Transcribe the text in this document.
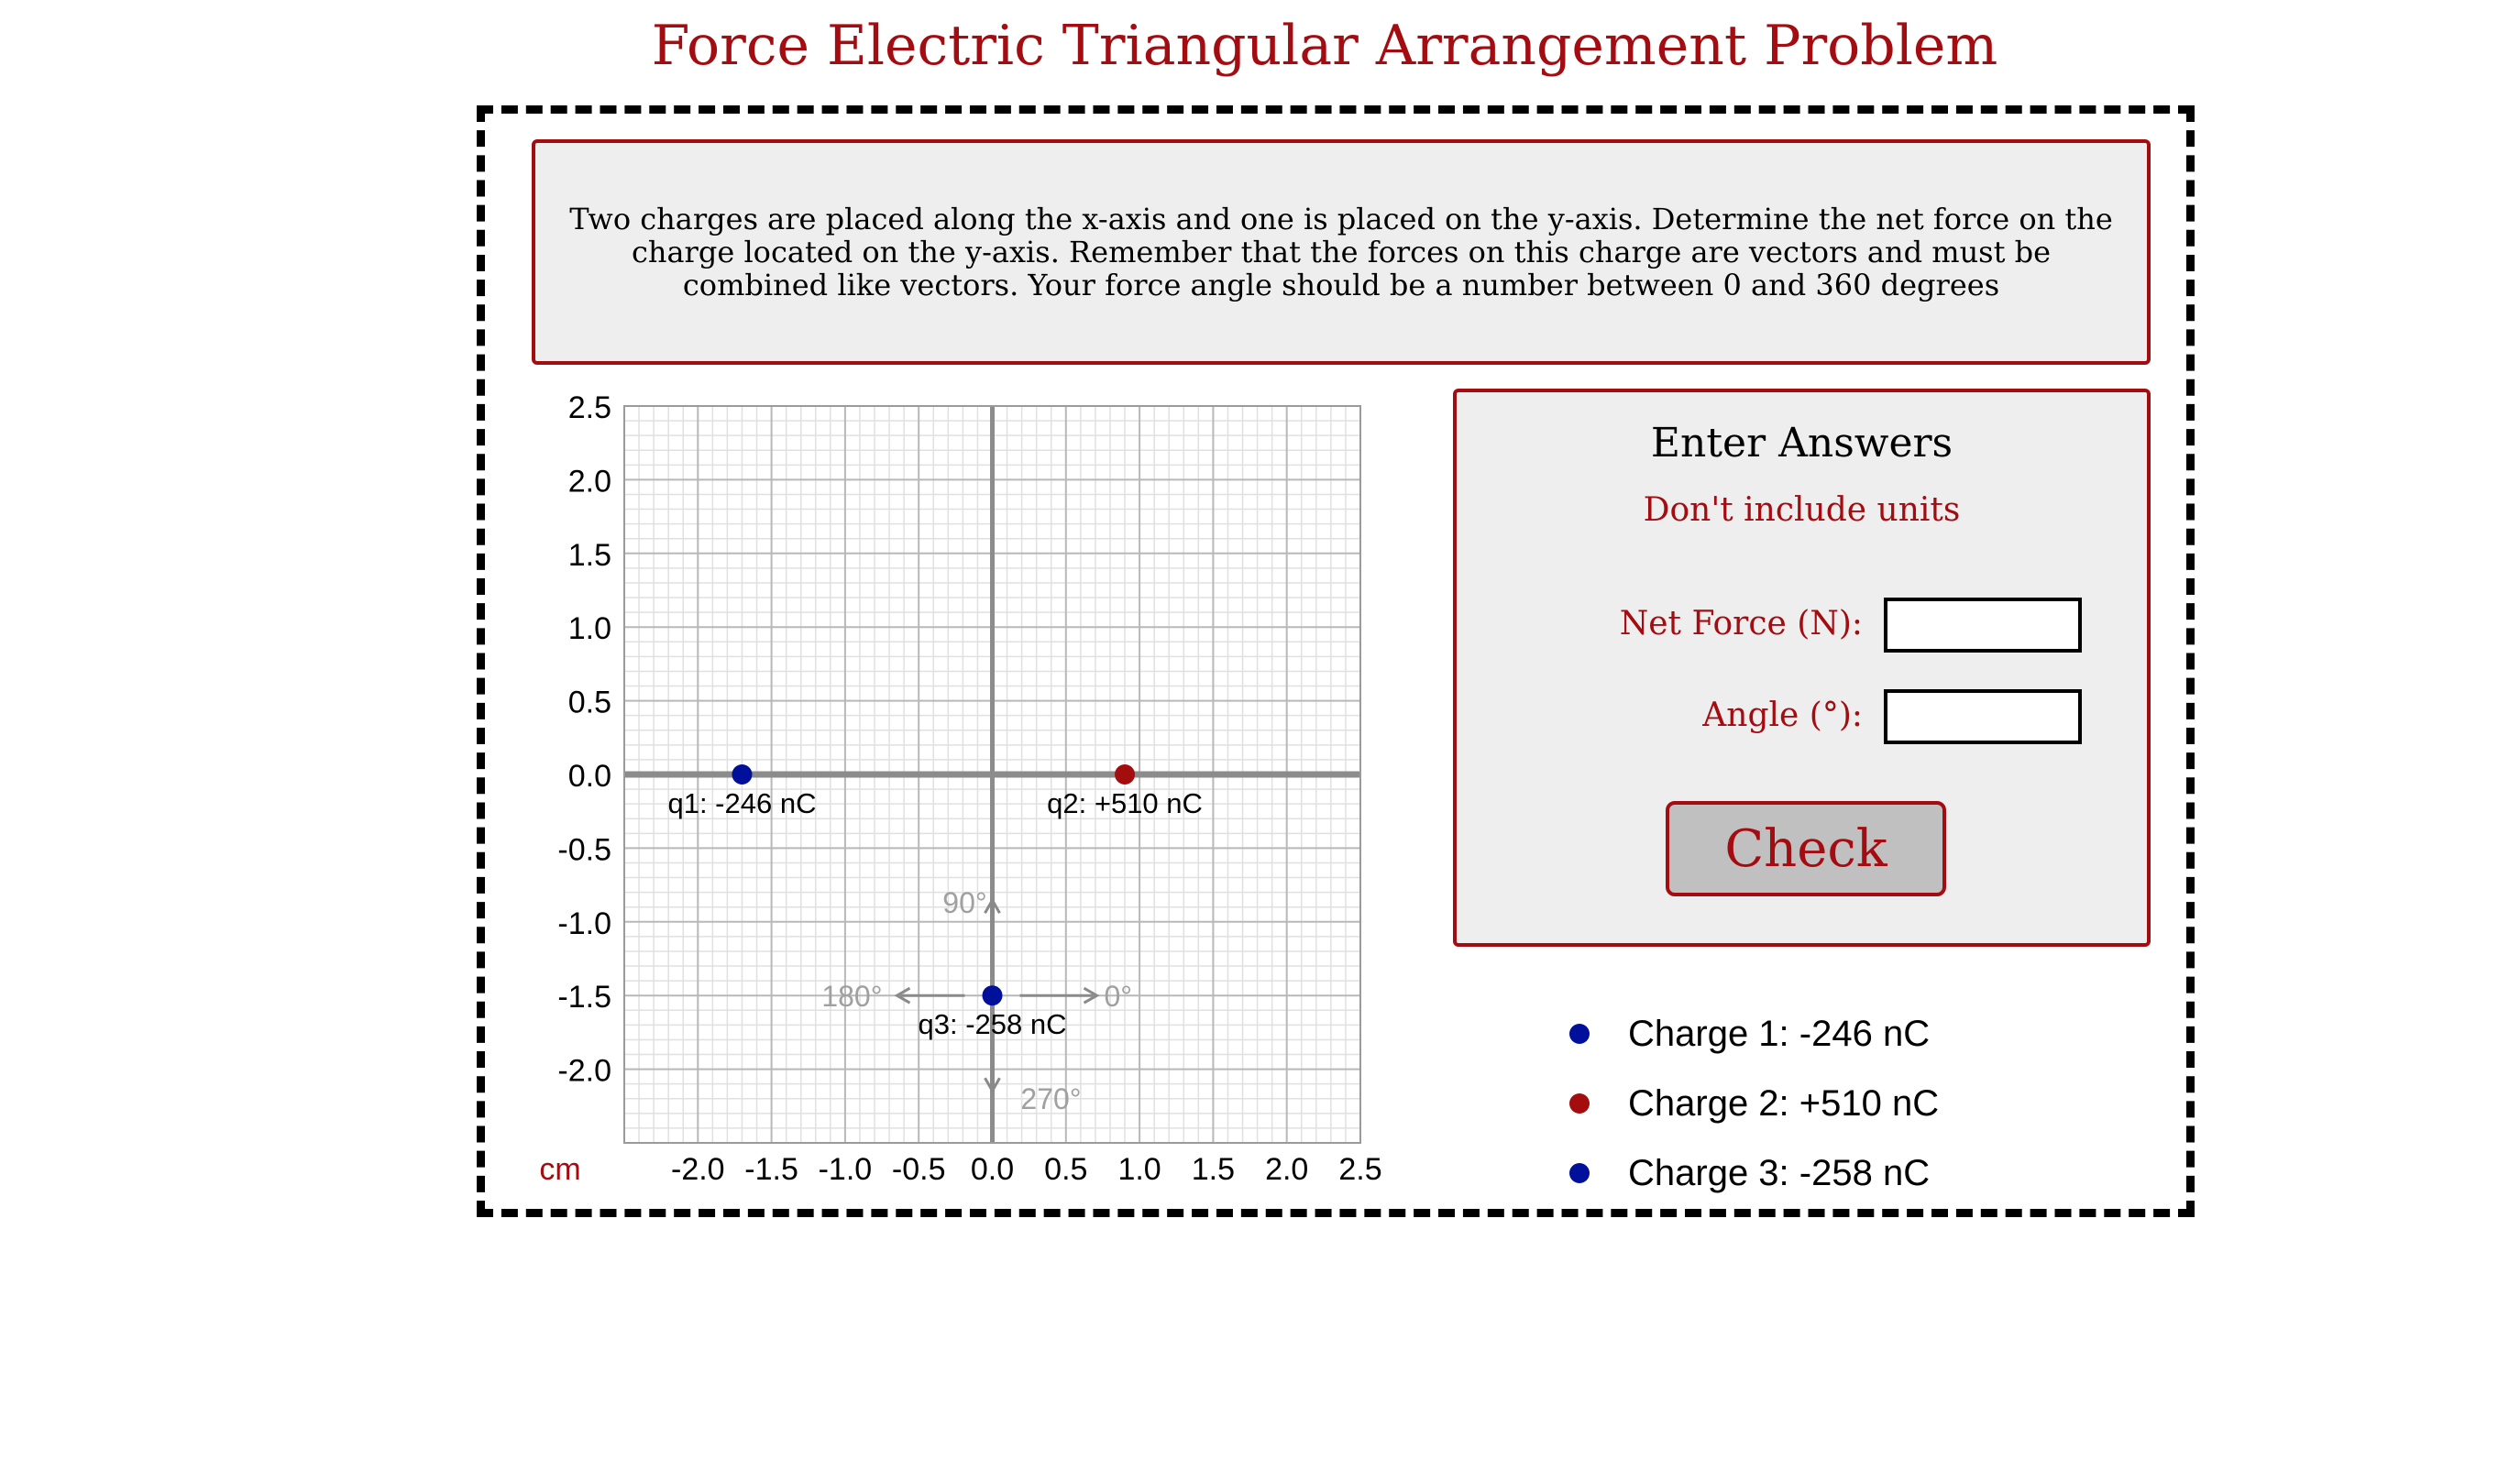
Force Electric Triangular Arrangement Problem
Two charges are placed along the x-axis and one is placed on the y-axis. Determine the net force on the charge located on the y-axis. Remember that the forces on this charge are vectors and must be combined like vectors. Your force angle should be a number between 0 and 360 degrees
2.5
2.0
1.5
1.0
0.5
0.0
-0.5
-1.0
-1.5
-2.0
-2.0 -1.5 -1.0 -0.5 0.0 0.5 1.0 1.5 2.0 2.5
cm
0°
90°
180°
270°
q1: -246 nC	q2: +510 nC
q3: -258 nC
Enter Answers
Don't include units
Net Force (N):
Angle (°):
Check
Charge 1: -246 nC
Charge 2: +510 nC
Charge 3: -258 nC
